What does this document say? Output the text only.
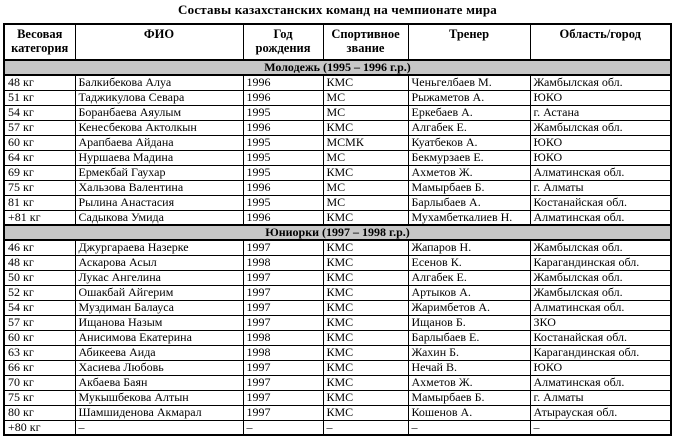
Составы казахстанских команд на чемпионате мира
Весовая категория	ФИО	Год рождения	Спортивное звание	Тренер	Область/город
Молодежь (1995 – 1996 г.р.)					
48 кг	Балкибекова Алуа	1996	КМС	Ченьгелбаев М.	Жамбылская обл.
51 кг	Таджикулова Севара	1996	МС	Рыжаметов А.	ЮКО
54 кг	Боранбаева Аяулым	1995	МС	Еркебаев А.	г. Астана
57 кг	Кенесбекова Актолкын	1996	КМС	Алгабек Е.	Жамбылская обл.
60 кг	Арапбаева Айдана	1995	МСМК	Куатбеков А.	ЮКО
64 кг	Нуршаева Мадина	1995	МС	Бекмурзаев Е.	ЮКО
69 кг	Ермекбай Гаухар	1995	КМС	Ахметов Ж.	Алматинская обл.
75 кг	Хальзова Валентина	1996	МС	Мамырбаев Б.	г. Алматы
81 кг	Рылина Анастасия	1995	МС	Барлыбаев А.	Костанайская обл.
+81 кг	Садыкова Умида	1996	КМС	Мухамбеткалиев Н.	Алматинская обл.
Юниорки (1997 – 1998 г.р.)					
46 кг	Джургараева Назерке	1997	КМС	Жапаров Н.	Жамбылская обл.
48 кг	Аскарова Асыл	1998	КМС	Есенов К.	Карагандинская обл.
50 кг	Лукас Ангелина	1997	КМС	Алгабек Е.	Жамбылская обл.
52 кг	Ошакбай Айгерим	1997	КМС	Артыков А.	Жамбылская обл.
54 кг	Муздиман Балауса	1997	КМС	Жаримбетов А.	Алматинская обл.
57 кг	Ищанова Назым	1997	КМС	Ищанов Б.	ЗКО
60 кг	Анисимова Екатерина	1998	КМС	Барлыбаев Е.	Костанайская обл.
63 кг	Абикеева Аида	1998	КМС	Жахин Б.	Карагандинская обл.
66 кг	Хасиева Любовь	1997	КМС	Нечай В.	ЮКО
70 кг	Акбаева Баян	1997	КМС	Ахметов Ж.	Алматинская обл.
75 кг	Мукышбекова Алтын	1997	КМС	Мамырбаев Б.	г. Алматы
80 кг	Шамшиденова Акмарал	1997	КМС	Кошенов А.	Атырауская обл.
+80 кг	–	–	–	–	–
